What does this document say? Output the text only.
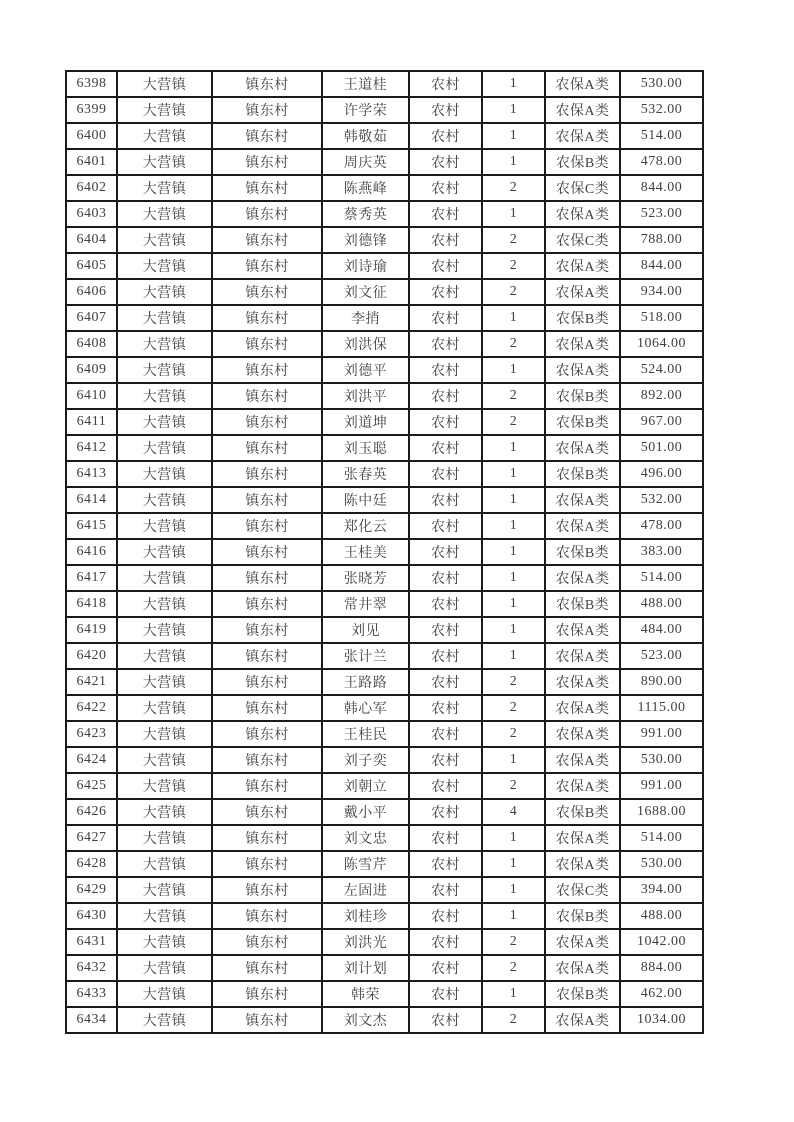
6398	大营镇	镇东村	王道桂	农村	1	农保A类	530.00
6399	大营镇	镇东村	许学荣	农村	1	农保A类	532.00
6400	大营镇	镇东村	韩敬茹	农村	1	农保A类	514.00
6401	大营镇	镇东村	周庆英	农村	1	农保B类	478.00
6402	大营镇	镇东村	陈燕峰	农村	2	农保C类	844.00
6403	大营镇	镇东村	蔡秀英	农村	1	农保A类	523.00
6404	大营镇	镇东村	刘德锋	农村	2	农保C类	788.00
6405	大营镇	镇东村	刘诗瑜	农村	2	农保A类	844.00
6406	大营镇	镇东村	刘文征	农村	2	农保A类	934.00
6407	大营镇	镇东村	李捎	农村	1	农保B类	518.00
6408	大营镇	镇东村	刘洪保	农村	2	农保A类	1064.00
6409	大营镇	镇东村	刘德平	农村	1	农保A类	524.00
6410	大营镇	镇东村	刘洪平	农村	2	农保B类	892.00
6411	大营镇	镇东村	刘道坤	农村	2	农保B类	967.00
6412	大营镇	镇东村	刘玉聪	农村	1	农保A类	501.00
6413	大营镇	镇东村	张春英	农村	1	农保B类	496.00
6414	大营镇	镇东村	陈中廷	农村	1	农保A类	532.00
6415	大营镇	镇东村	郑化云	农村	1	农保A类	478.00
6416	大营镇	镇东村	王桂美	农村	1	农保B类	383.00
6417	大营镇	镇东村	张晓芳	农村	1	农保A类	514.00
6418	大营镇	镇东村	常井翠	农村	1	农保B类	488.00
6419	大营镇	镇东村	刘见	农村	1	农保A类	484.00
6420	大营镇	镇东村	张计兰	农村	1	农保A类	523.00
6421	大营镇	镇东村	王路路	农村	2	农保A类	890.00
6422	大营镇	镇东村	韩心军	农村	2	农保A类	1115.00
6423	大营镇	镇东村	王桂民	农村	2	农保A类	991.00
6424	大营镇	镇东村	刘子奕	农村	1	农保A类	530.00
6425	大营镇	镇东村	刘朝立	农村	2	农保A类	991.00
6426	大营镇	镇东村	戴小平	农村	4	农保B类	1688.00
6427	大营镇	镇东村	刘文忠	农村	1	农保A类	514.00
6428	大营镇	镇东村	陈雪芹	农村	1	农保A类	530.00
6429	大营镇	镇东村	左固进	农村	1	农保C类	394.00
6430	大营镇	镇东村	刘桂珍	农村	1	农保B类	488.00
6431	大营镇	镇东村	刘洪光	农村	2	农保A类	1042.00
6432	大营镇	镇东村	刘计划	农村	2	农保A类	884.00
6433	大营镇	镇东村	韩荣	农村	1	农保B类	462.00
6434	大营镇	镇东村	刘文杰	农村	2	农保A类	1034.00
